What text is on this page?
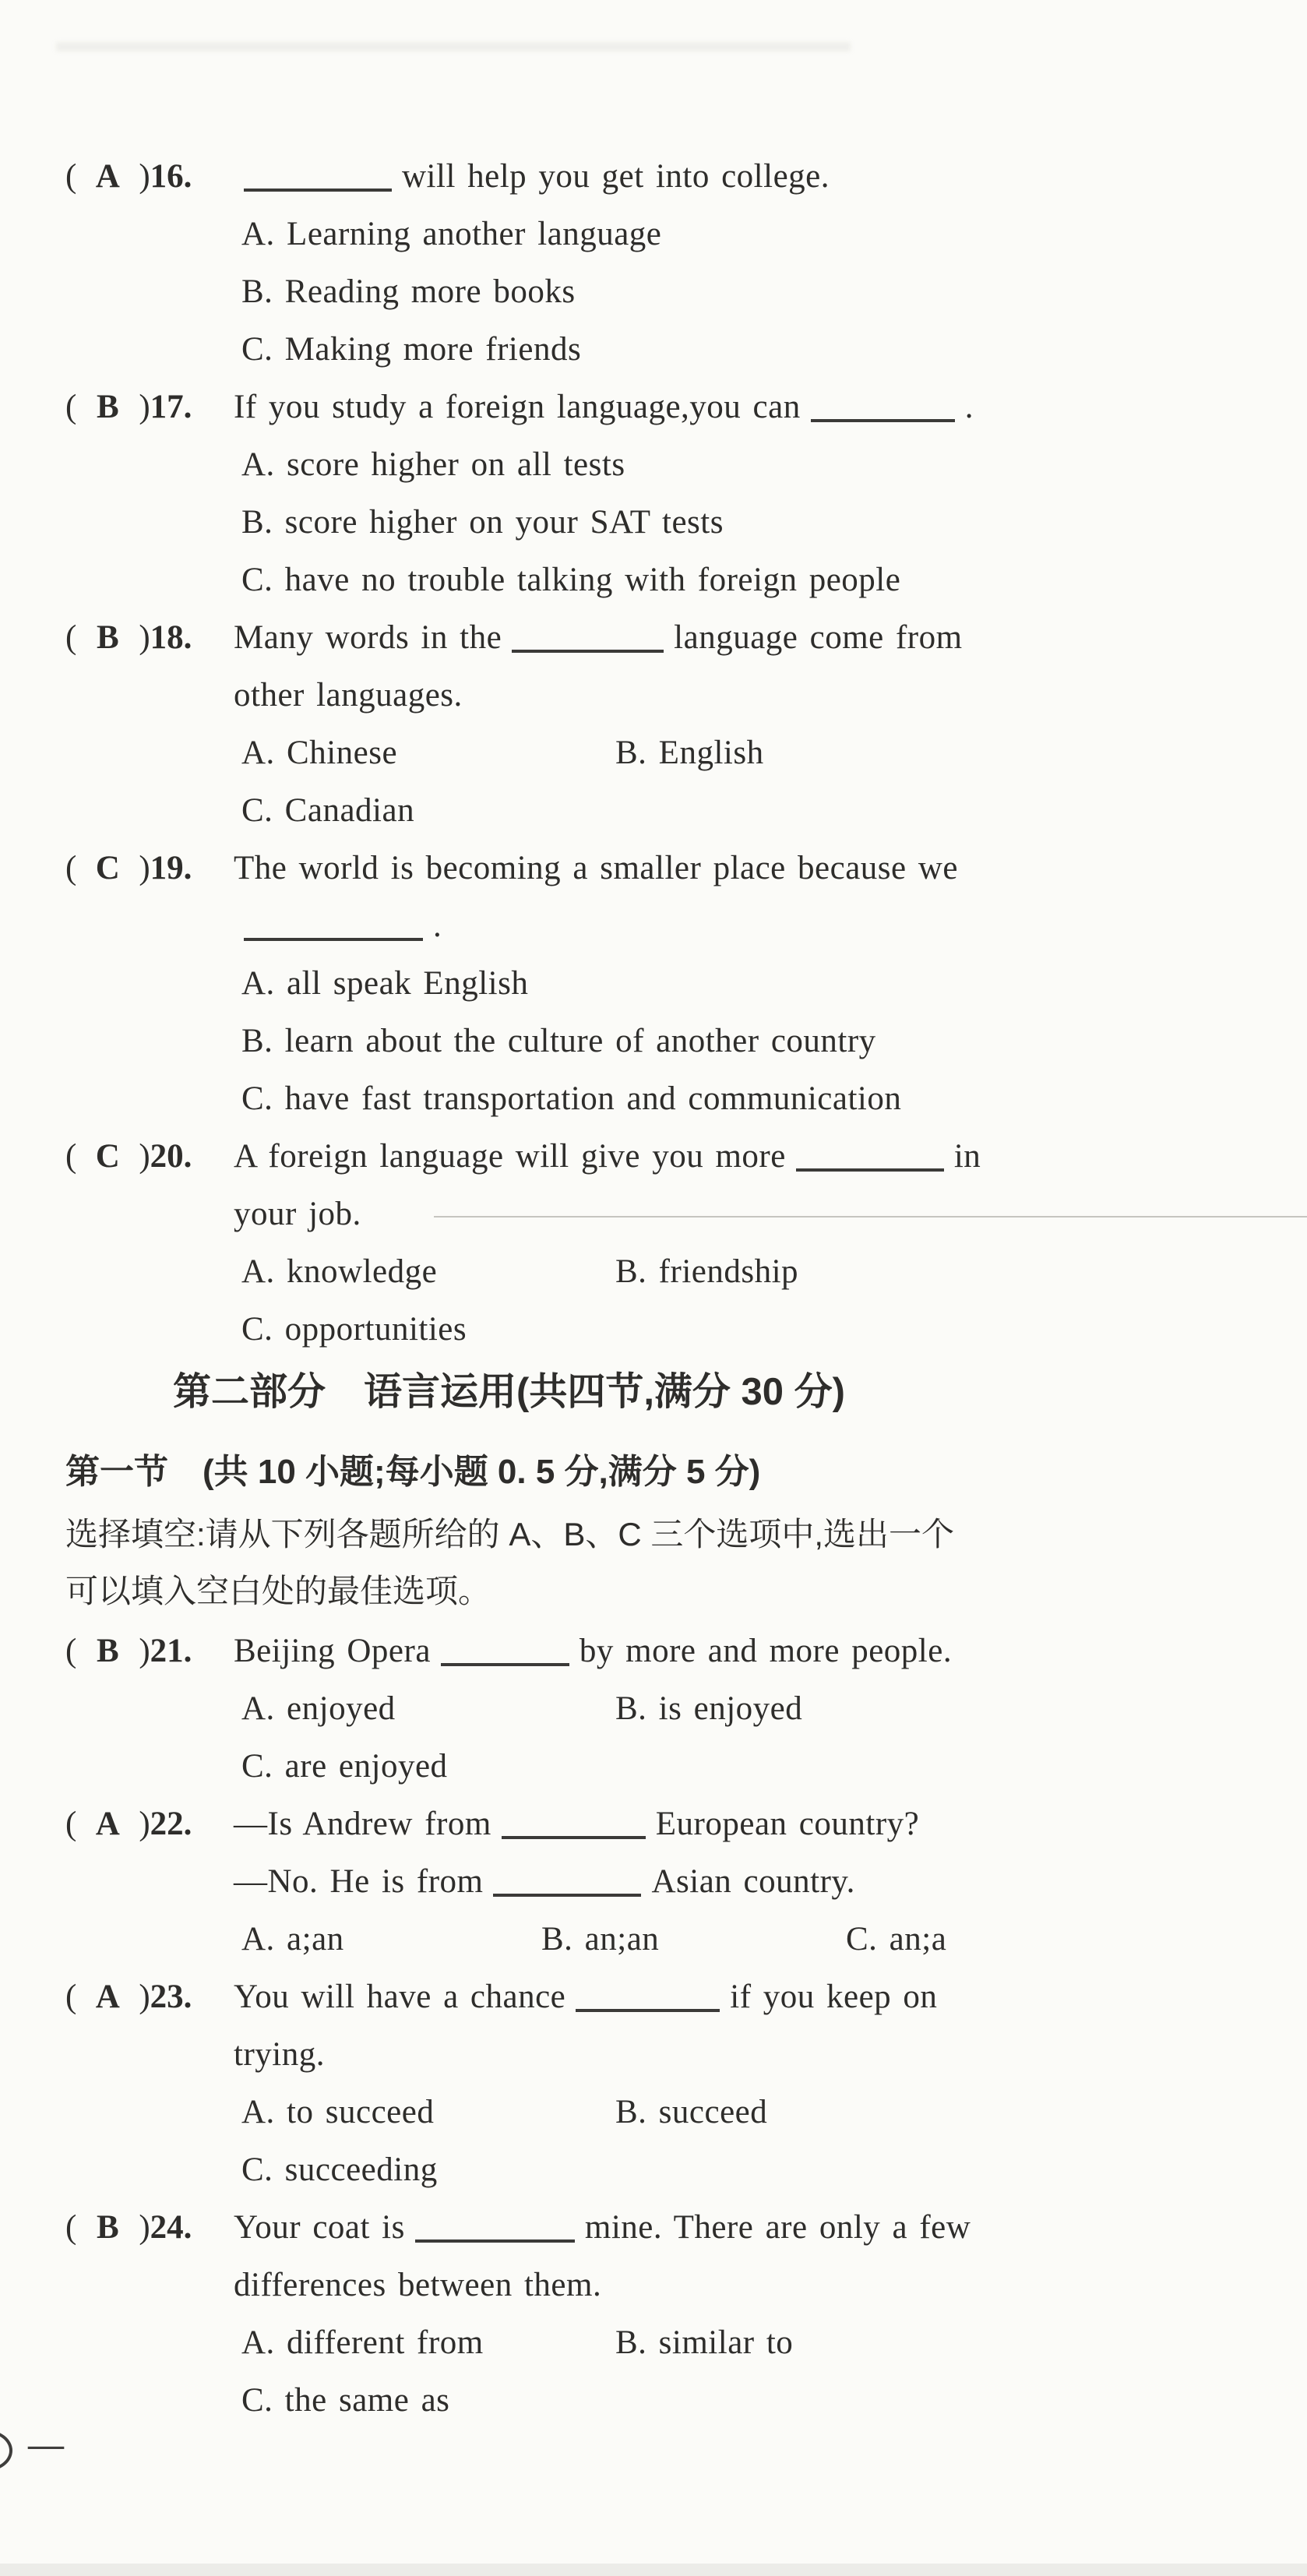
( A )16.	will help you get into college.
A. Learning another language
B. Reading more books
C. Making more friends
( B )17. If you study a foreign language,you can	.
A. score higher on all tests
B. score higher on your SAT tests
C. have no trouble talking with foreign people
( B )18. Many words in the	language come from
other languages.
A. Chinese	B. English
C. Canadian
( C )19. The world is becoming a smaller place because we
.
A. all speak English
B. learn about the culture of another country
C. have fast transportation and communication
( C )20. A foreign language will give you more	in
your job.
A. knowledge	B. friendship
C. opportunities
第二部分　语言运用(共四节,满分 30 分)
第一节　(共 10 小题;每小题 0. 5 分,满分 5 分)
选择填空:请从下列各题所给的 A、B、C 三个选项中,选出一个
可以填入空白处的最佳选项。
( B )21. Beijing Opera	by more and more people.
A. enjoyed	B. is enjoyed
C. are enjoyed
( A )22. —Is Andrew from	European country?
—No. He is from	Asian country.
A. a;an	B. an;an	C. an;a
( A )23. You will have a chance	if you keep on
trying.
A. to succeed	B. succeed
C. succeeding
( B )24. Your coat is	mine. There are only a few
differences between them.
A. different from	B. similar to
C. the same as
—
